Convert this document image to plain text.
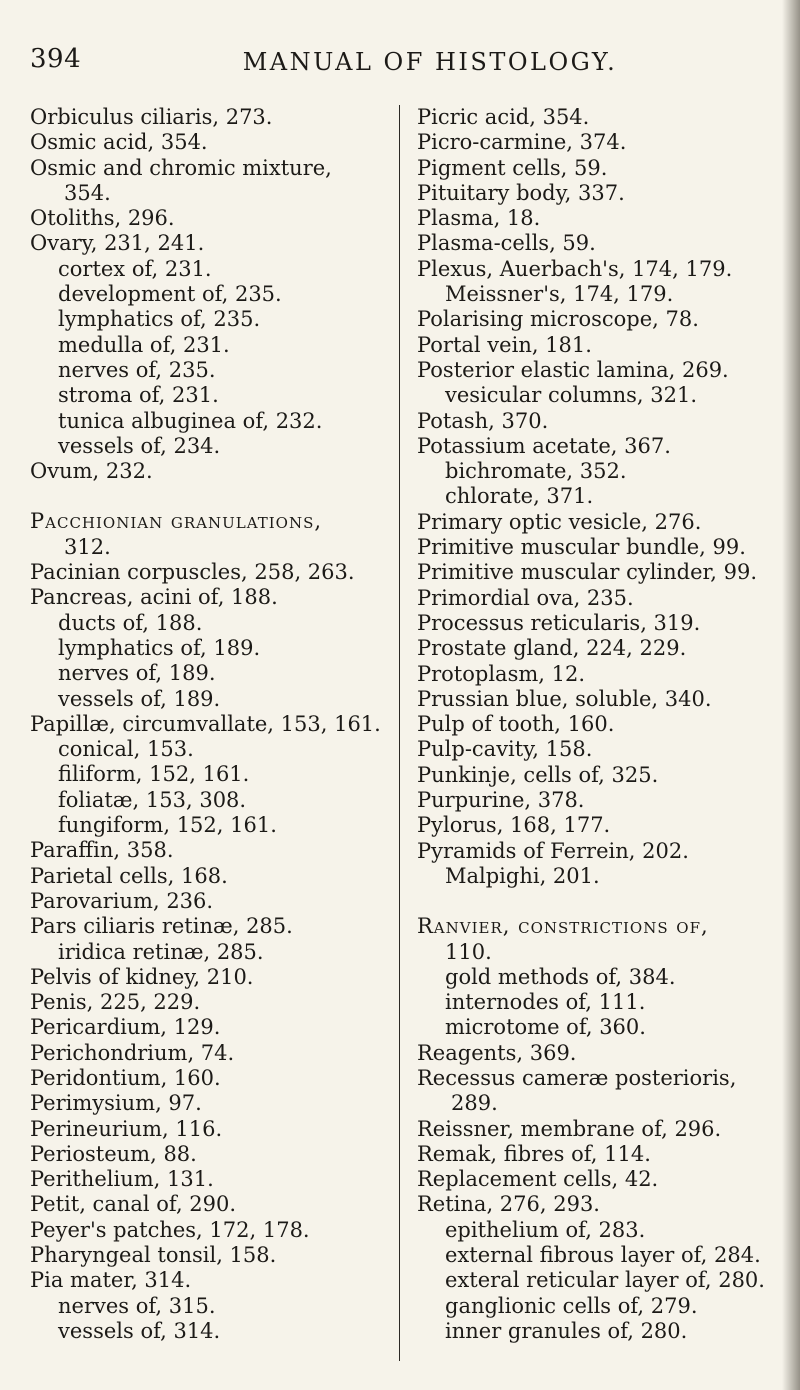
394	MANUAL OF HISTOLOGY.
Orbiculus ciliaris, 273.
Osmic acid, 354.
Osmic and chromic mixture,
354.
Otoliths, 296.
Ovary, 231, 241.
cortex of, 231.
development of, 235.
lymphatics of, 235.
medulla of, 231.
nerves of, 235.
stroma of, 231.
tunica albuginea of, 232.
vessels of, 234.
Ovum, 232.
Pacchionian granulations,
312.
Pacinian corpuscles, 258, 263.
Pancreas, acini of, 188.
ducts of, 188.
lymphatics of, 189.
nerves of, 189.
vessels of, 189.
Papillæ, circumvallate, 153, 161.
conical, 153.
filiform, 152, 161.
foliatæ, 153, 308.
fungiform, 152, 161.
Paraffin, 358.
Parietal cells, 168.
Parovarium, 236.
Pars ciliaris retinæ, 285.
iridica retinæ, 285.
Pelvis of kidney, 210.
Penis, 225, 229.
Pericardium, 129.
Perichondrium, 74.
Peridontium, 160.
Perimysium, 97.
Perineurium, 116.
Periosteum, 88.
Perithelium, 131.
Petit, canal of, 290.
Peyer's patches, 172, 178.
Pharyngeal tonsil, 158.
Pia mater, 314.
nerves of, 315.
vessels of, 314.
Picric acid, 354.
Picro-carmine, 374.
Pigment cells, 59.
Pituitary body, 337.
Plasma, 18.
Plasma-cells, 59.
Plexus, Auerbach's, 174, 179.
Meissner's, 174, 179.
Polarising microscope, 78.
Portal vein, 181.
Posterior elastic lamina, 269.
vesicular columns, 321.
Potash, 370.
Potassium acetate, 367.
bichromate, 352.
chlorate, 371.
Primary optic vesicle, 276.
Primitive muscular bundle, 99.
Primitive muscular cylinder, 99.
Primordial ova, 235.
Processus reticularis, 319.
Prostate gland, 224, 229.
Protoplasm, 12.
Prussian blue, soluble, 340.
Pulp of tooth, 160.
Pulp-cavity, 158.
Punkinje, cells of, 325.
Purpurine, 378.
Pylorus, 168, 177.
Pyramids of Ferrein, 202.
Malpighi, 201.
Ranvier, constrictions of,
110.
gold methods of, 384.
internodes of, 111.
microtome of, 360.
Reagents, 369.
Recessus cameræ posterioris,
289.
Reissner, membrane of, 296.
Remak, fibres of, 114.
Replacement cells, 42.
Retina, 276, 293.
epithelium of, 283.
external fibrous layer of, 284.
exteral reticular layer of, 280.
ganglionic cells of, 279.
inner granules of, 280.
